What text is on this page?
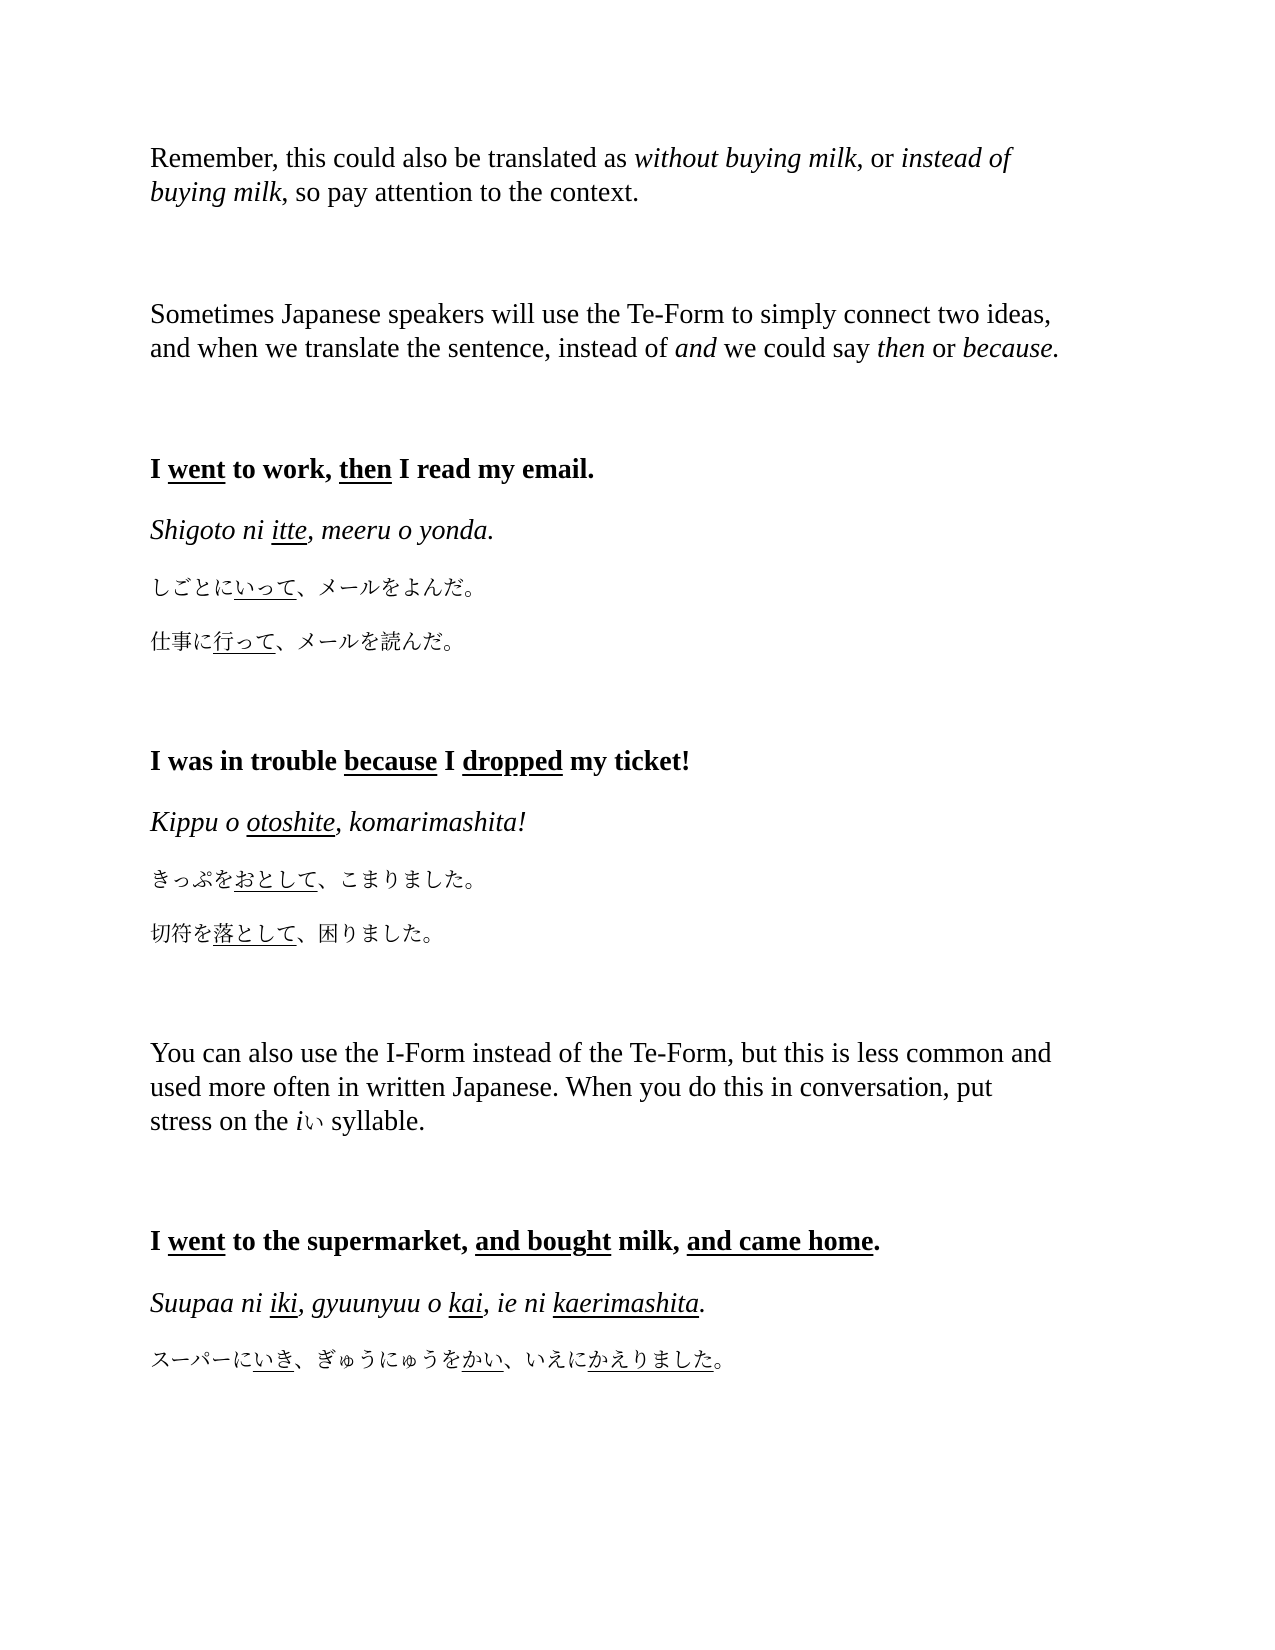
Remember, this could also be translated as without buying milk, or instead of
buying milk, so pay attention to the context.
Sometimes Japanese speakers will use the Te-Form to simply connect two ideas,
and when we translate the sentence, instead of and we could say then or because.
I went to work, then I read my email.
Shigoto ni itte, meeru o yonda.
しごとにいって、メールをよんだ。
仕事に行って、メールを読んだ。
I was in trouble because I dropped my ticket!
Kippu o otoshite, komarimashita!
きっぷをおとして、こまりました。
切符を落として、困りました。
You can also use the I-Form instead of the Te-Form, but this is less common and
used more often in written Japanese. When you do this in conversation, put
stress on the iい syllable.
I went to the supermarket, and bought milk, and came home.
Suupaa ni iki, gyuunyuu o kai, ie ni kaerimashita.
スーパーにいき、ぎゅうにゅうをかい、いえにかえりました。
